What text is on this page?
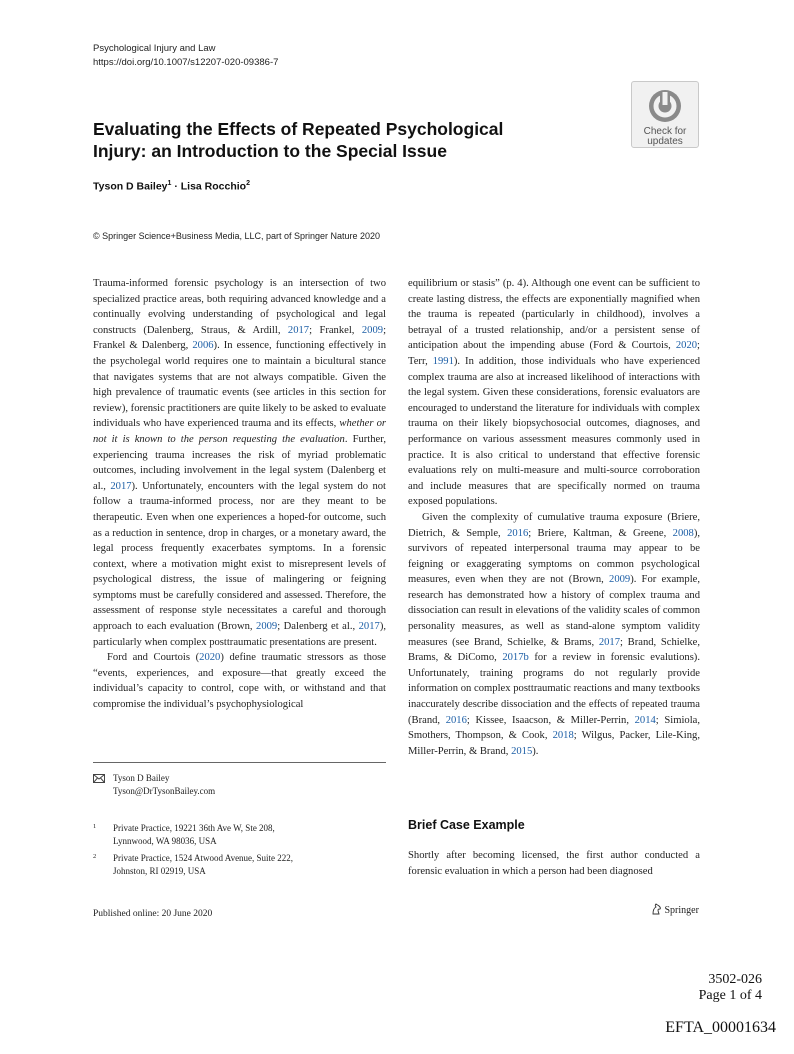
Psychological Injury and Law
https://doi.org/10.1007/s12207-020-09386-7
Check for
updates
Evaluating the Effects of Repeated Psychological
Injury: an Introduction to the Special Issue
Tyson D Bailey$^1$ · Lisa Rocchio$^2$
© Springer Science+Business Media, LLC, part of Springer Nature 2020

Trauma-informed forensic psychology is an intersection of two specialized practice areas, both requiring advanced knowledge and a continually evolving understanding of psychological and legal constructs (Dalenberg, Straus, & Ardill, 2017; Frankel, 2009; Frankel & Dalenberg, 2006). In essence, functioning effectively in the psycholegal world requires one to maintain a bicultural stance that navigates systems that are not always compatible. Given the high prevalence of traumatic events (see articles in this section for review), forensic practitioners are quite likely to be asked to evaluate individuals who have experienced trauma and its effects, whether or not it is known to the person requesting the evaluation. Further, experiencing trauma increases the risk of myriad problematic outcomes, including involvement in the legal system (Dalenberg et al., 2017). Unfortunately, encounters with the legal system do not follow a trauma-informed process, nor are they meant to be therapeutic. Even when one experiences a hoped-for outcome, such as a reduction in sentence, drop in charges, or a monetary award, the legal process frequently exacerbates symptoms. In a forensic context, where a motivation might exist to misrepresent levels of psychological distress, the issue of malingering or feigning symptoms must be carefully considered and assessed. Therefore, the assessment of response style necessitates a careful and thorough approach to each evaluation (Brown, 2009; Dalenberg et al., 2017), particularly when complex posttraumatic presentations are present.

Ford and Courtois (2020) define traumatic stressors as those “events, experiences, and exposure—that greatly exceed the individual’s capacity to control, cope with, or withstand and that compromise the individual’s psychophysiological

Tyson D Bailey
Tyson@DrTysonBailey.com
1 Private Practice, 19221 36th Ave W, Ste 208,
Lynnwood, WA 98036, USA
2 Private Practice, 1524 Atwood Avenue, Suite 222,
Johnston, RI 02919, USA

equilibrium or stasis” (p. 4). Although one event can be sufficient to create lasting distress, the effects are exponentially magnified when the trauma is repeated (particularly in childhood), involves a betrayal of a trusted relationship, and/or a persistent sense of anticipation about the impending abuse (Ford & Courtois, 2020; Terr, 1991). In addition, those individuals who have experienced complex trauma are also at increased likelihood of interactions with the legal system. Given these considerations, forensic evaluators are encouraged to understand the literature for individuals with complex trauma on their likely biopsychosocial outcomes, diagnoses, and performance on various assessment measures commonly used in practice. It is also critical to understand that effective forensic evaluations rely on multi-measure and multi-source corroboration and include measures that are specifically normed on trauma exposed populations.

Given the complexity of cumulative trauma exposure (Briere, Dietrich, & Semple, 2016; Briere, Kaltman, & Greene, 2008), survivors of repeated interpersonal trauma may appear to be feigning or exaggerating symptoms on common psychological measures, even when they are not (Brown, 2009). For example, research has demonstrated how a history of complex trauma and dissociation can result in elevations of the validity scales of common personality measures, as well as stand-alone symptom validity measures (see Brand, Schielke, & Brams, 2017; Brand, Schielke, Brams, & DiComo, 2017b for a review in forensic evalutions). Unfortunately, training programs do not regularly provide information on complex posttraumatic reactions and many textbooks inaccurately describe dissociation and the effects of repeated trauma (Brand, 2016; Kissee, Isaacson, & Miller-Perrin, 2014; Simiola, Smothers, Thompson, & Cook, 2018; Wilgus, Packer, Lile-King, Miller-Perrin, & Brand, 2015).

Brief Case Example

Shortly after becoming licensed, the first author conducted a forensic evaluation in which a person had been diagnosed

Published online: 20 June 2020	Springer
3502-026
Page 1 of 4
EFTA_00001634
